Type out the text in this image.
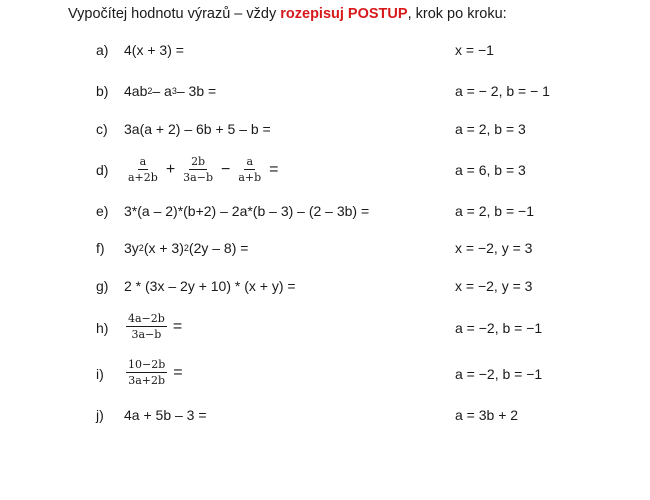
Vypočítej hodnotu výrazů – vždy rozepisuj POSTUP, krok po kroku:
a) 4(x + 3) =	x = −1
b) 4ab 2 – a 3 – 3b =	a = − 2, b = − 1
c) 3a(a + 2) – 6b + 5 – b =	a = 2, b = 3
$d) \frac{a}{a+2b} + \frac{2b}{3a-b} - \frac{a}{a+b}$ =	a = 6, b = 3
e) 3*(a – 2)*(b+2) – 2a*(b – 3) – (2 – 3b) =	a = 2, b = −1
f) 3y 2 (x + 3) 2 (2y – 8) =	x = −2, y = 3
g) 2 * (3x – 2y + 10) * (x + y) =	x = −2, y = 3
$h) \frac{4a-2b}{3a-b}$ =	a = −2, b = −1
$i) \frac{10-2b}{3a+2b}$ =	a = −2, b = −1
j) 4a + 5b – 3 =	a = 3b + 2
